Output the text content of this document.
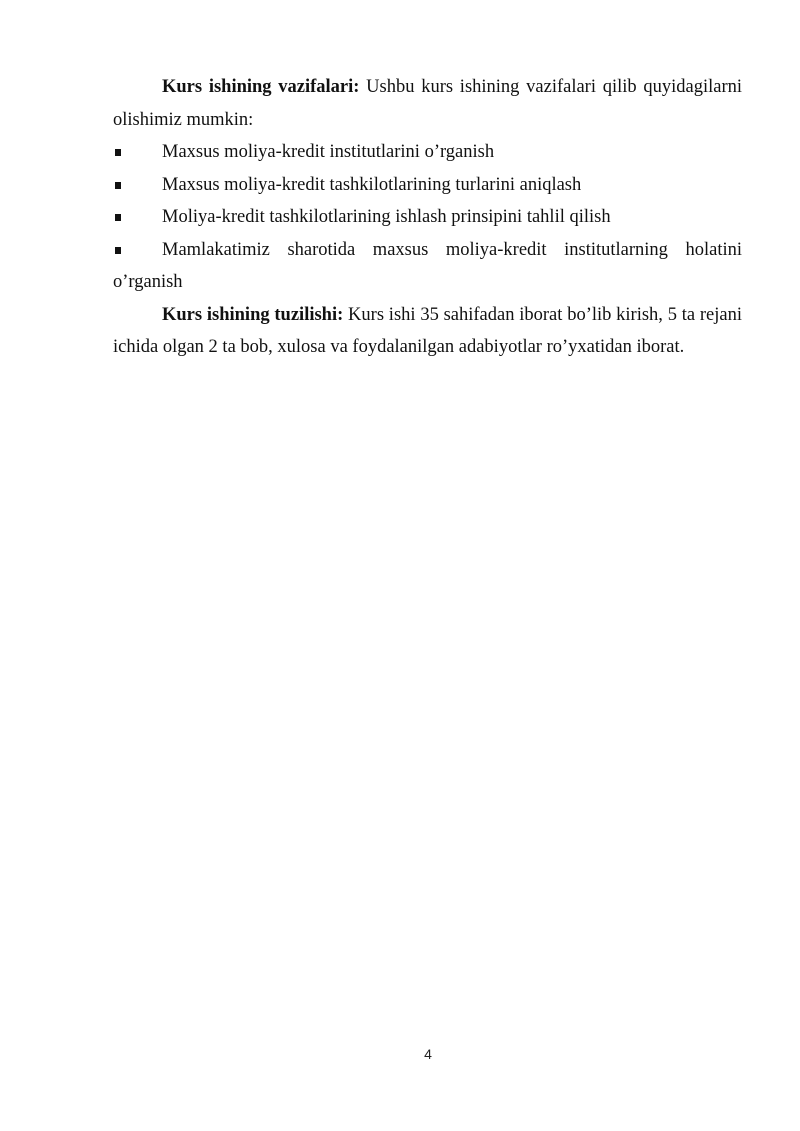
Kurs ishining vazifalari: Ushbu kurs ishining vazifalari qilib quyidagilarni olishimiz mumkin:

Maxsus moliya-kredit institutlarini o’rganish

Maxsus moliya-kredit tashkilotlarining turlarini aniqlash

Moliya-kredit tashkilotlarining ishlash prinsipini tahlil qilish

Mamlakatimiz sharotida maxsus moliya-kredit institutlarning holatini o’rganish

Kurs ishining tuzilishi: Kurs ishi 35 sahifadan iborat bo’lib kirish, 5 ta rejani ichida olgan 2 ta bob, xulosa va foydalanilgan adabiyotlar ro’yxatidan iborat.

4
